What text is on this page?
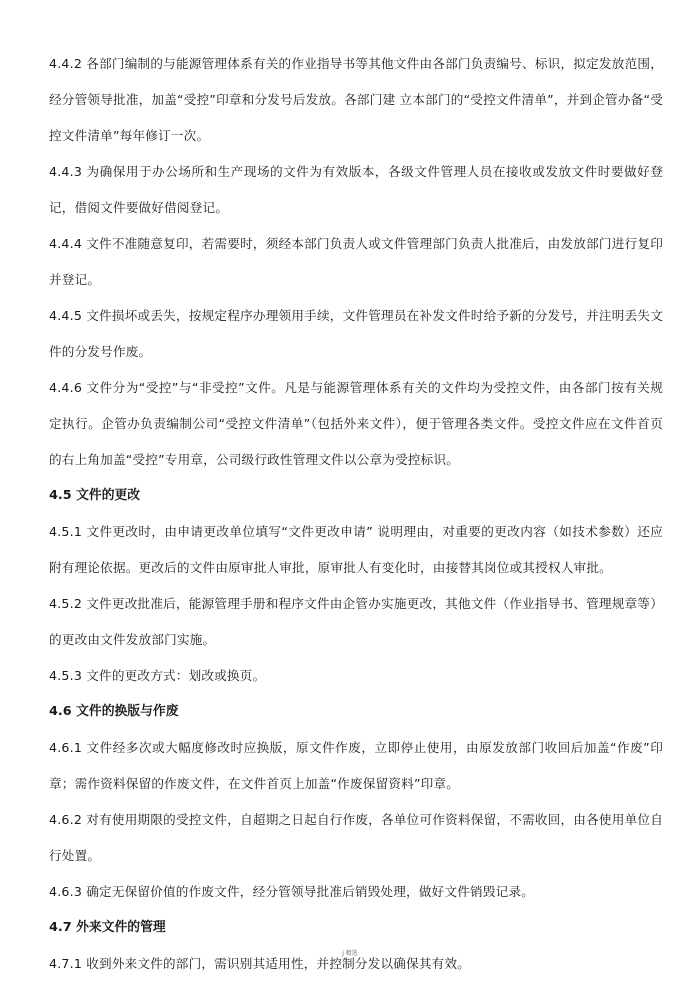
4.4.2 各部门编制的与能源管理体系有关的作业指导书等其他文件由各部门负责编号、标识，拟定发放范围，经分管领导批准，加盖“受控”印章和分发号后发放。各部门建 立本部门的“受控文件清单”，并到企管办备“受控文件清单”每年修订一次。

4.4.3 为确保用于办公场所和生产现场的文件为有效版本，各级文件管理人员在接收或发放文件时要做好登记，借阅文件要做好借阅登记。

4.4.4 文件不准随意复印，若需要时，须经本部门负责人或文件管理部门负责人批准后，由发放部门进行复印并登记。

4.4.5 文件损坏或丢失，按规定程序办理领用手续，文件管理员在补发文件时给予新的分发号，并注明丢失文件的分发号作废。

4.4.6 文件分为“受控”与“非受控”文件。凡是与能源管理体系有关的文件均为受控文件，由各部门按有关规定执行。企管办负责编制公司“受控文件清单”（包括外来文件），便于管理各类文件。受控文件应在文件首页的右上角加盖“受控”专用章，公司级行政性管理文件以公章为受控标识。

4.5 文件的更改

4.5.1 文件更改时，由申请更改单位填写“文件更改申请” 说明理由，对重要的更改内容（如技术参数）还应附有理论依据。更改后的文件由原审批人审批，原审批人有变化时，由接替其岗位或其授权人审批。

4.5.2 文件更改批准后，能源管理手册和程序文件由企管办实施更改，其他文件（作业指导书、管理规章等）的更改由文件发放部门实施。

4.5.3 文件的更改方式：划改或换页。

4.6 文件的换版与作废

4.6.1 文件经多次或大幅度修改时应换版，原文件作废，立即停止使用，由原发放部门收回后加盖“作废”印章；需作资料保留的作废文件，在文件首页上加盖“作废保留资料”印章。

4.6.2 对有使用期限的受控文件，自超期之日起自行作废，各单位可作资料保留，不需收回，由各使用单位自行处置。

4.6.3 确定无保留价值的作废文件，经分管领导批准后销毁处理，做好文件销毁记录。

4.7 外来文件的管理

4.7.1 收到外来文件的部门，需识别其适用性，并控制分发以确保其有效。

j 精选
